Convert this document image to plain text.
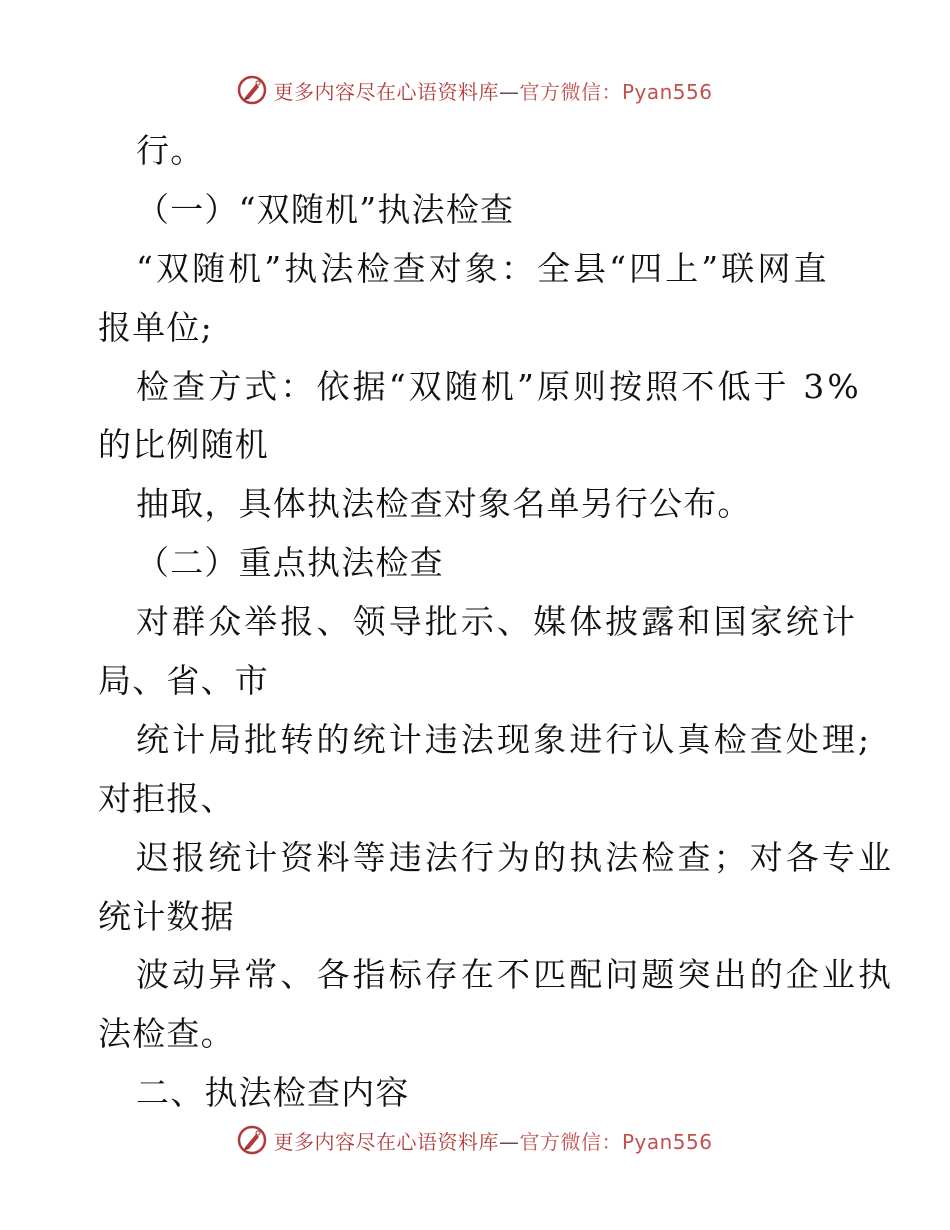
更多内容尽在心语资料库—官方微信：Pyan556
行。
（一）“双随机”执法检查
“双随机”执法检查对象：全县“四上”联网直
报单位;
检查方式：依据“双随机”原则按照不低于 3%
的比例随机
抽取，具体执法检查对象名单另行公布。
（二）重点执法检查
对群众举报、领导批示、媒体披露和国家统计
局、省、市
统计局批转的统计违法现象进行认真检查处理;
对拒报、
迟报统计资料等违法行为的执法检查；对各专业
统计数据
波动异常、各指标存在不匹配问题突出的企业执
法检查。
二、执法检查内容
更多内容尽在心语资料库—官方微信：Pyan556
